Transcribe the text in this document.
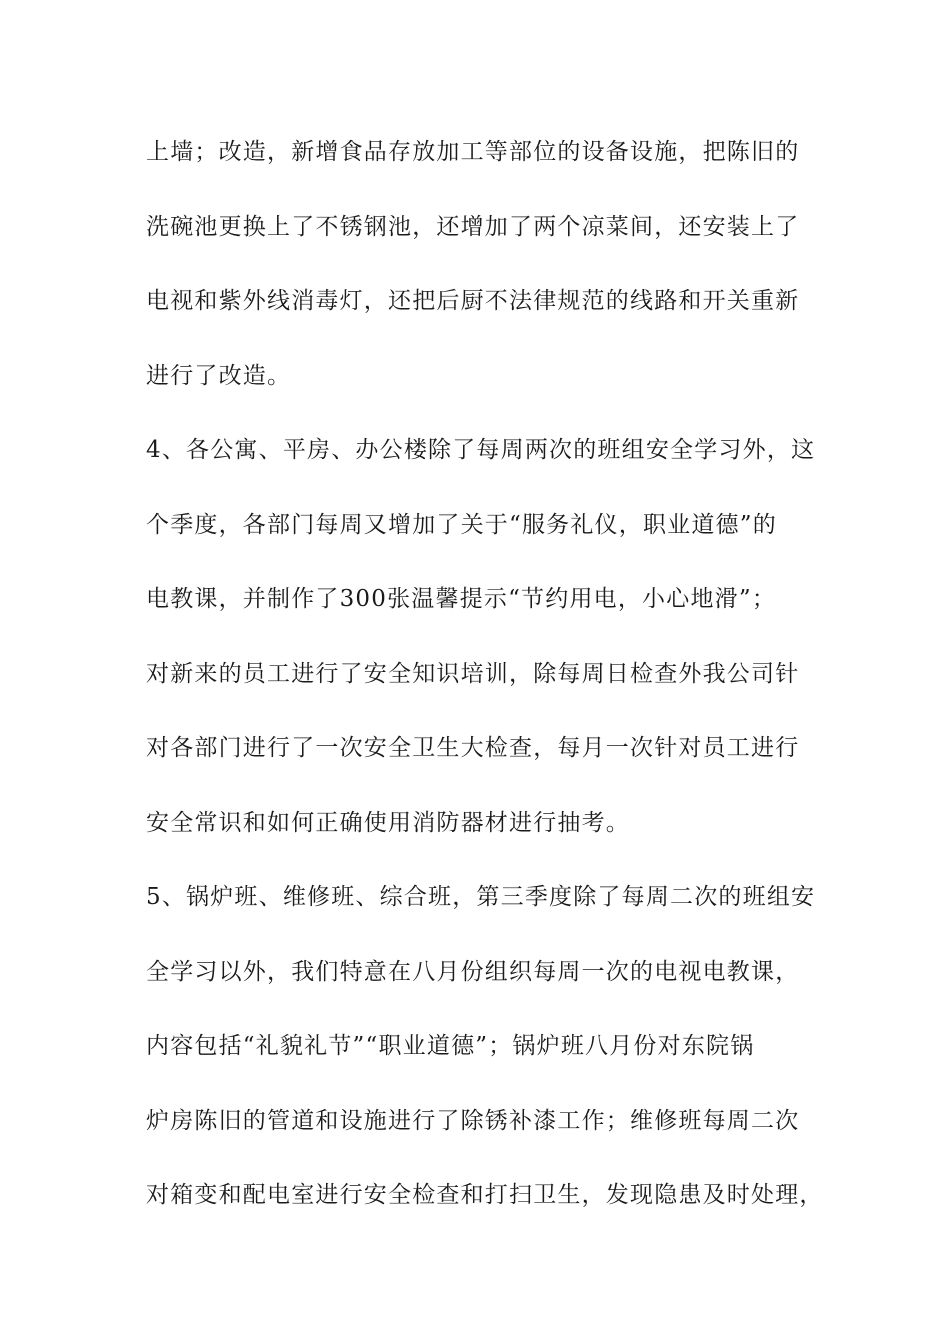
上墙；改造，新增食品存放加工等部位的设备设施，把陈旧的
洗碗池更换上了不锈钢池，还增加了两个凉菜间，还安装上了
电视和紫外线消毒灯，还把后厨不法律规范的线路和开关重新
进行了改造。
4、各公寓、平房、办公楼除了每周两次的班组安全学习外，这
个季度，各部门每周又增加了关于“服务礼仪，职业道德”的
电教课，并制作了300张温馨提示“节约用电，小心地滑”；
对新来的员工进行了安全知识培训，除每周日检查外我公司针
对各部门进行了一次安全卫生大检查，每月一次针对员工进行
安全常识和如何正确使用消防器材进行抽考。
5、锅炉班、维修班、综合班，第三季度除了每周二次的班组安
全学习以外，我们特意在八月份组织每周一次的电视电教课，
内容包括“礼貌礼节”“职业道德”；锅炉班八月份对东院锅
炉房陈旧的管道和设施进行了除锈补漆工作；维修班每周二次
对箱变和配电室进行安全检查和打扫卫生，发现隐患及时处理，
